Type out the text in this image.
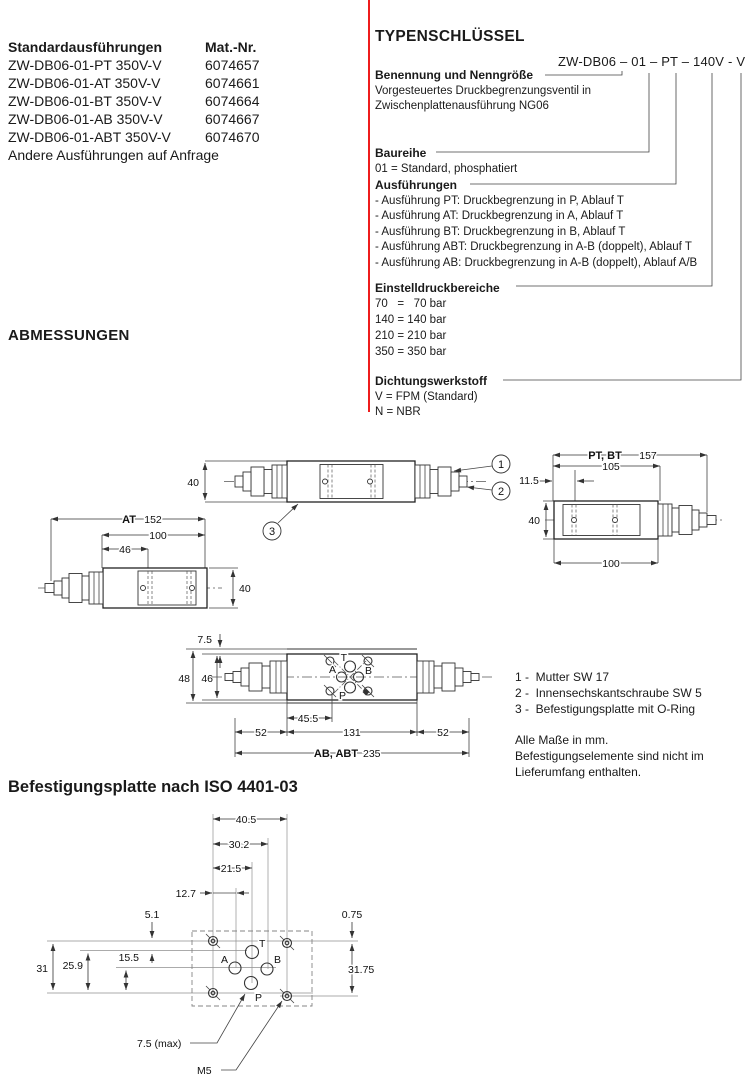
40
1
2
3
PT, BT 157
105
11.5
40
100
AT 152
100
46
40
7.5
48 46
T
A	B
P
45.5
52	131	52
AB, ABT 235
40.5
30.2
21.5
12.7
5.1	0.75
31 25.9
15.5
31.75
T
A	B
P
7.5 (max)
M5
Standardausführungen	Mat.-Nr.
ZW-DB06-01-PT 350V-V	6074657
ZW-DB06-01-AT 350V-V	6074661
ZW-DB06-01-BT 350V-V	6074664
ZW-DB06-01-AB 350V-V	6074667
ZW-DB06-01-ABT 350V-V 6074670
Andere Ausführungen auf Anfrage
TYPENSCHLÜSSEL
ZW-DB06 – 01 – PT – 140V - V
Benennung und Nenngröße
Vorgesteuertes Druckbegrenzungsventil in
Zwischenplattenausführung NG06
Baureihe
01 = Standard, phosphatiert
Ausführungen
- Ausführung PT: Druckbegrenzung in P, Ablauf T
- Ausführung AT: Druckbegrenzung in A, Ablauf T
- Ausführung BT: Druckbegrenzung in B, Ablauf T
- Ausführung ABT: Druckbegrenzung in A-B (doppelt), Ablauf T
- Ausführung AB: Druckbegrenzung in A-B (doppelt), Ablauf A/B
Einstelldruckbereiche
70   =   70 bar
140 = 140 bar
210 = 210 bar
350 = 350 bar
Dichtungswerkstoff
V = FPM (Standard)
N = NBR
ABMESSUNGEN
Befestigungsplatte nach ISO 4401-03
1 -  Mutter SW 17
2 -  Innensechskantschraube SW 5
3 -  Befestigungsplatte mit O-Ring
Alle Maße in mm.
Befestigungselemente sind nicht im
Lieferumfang enthalten.
